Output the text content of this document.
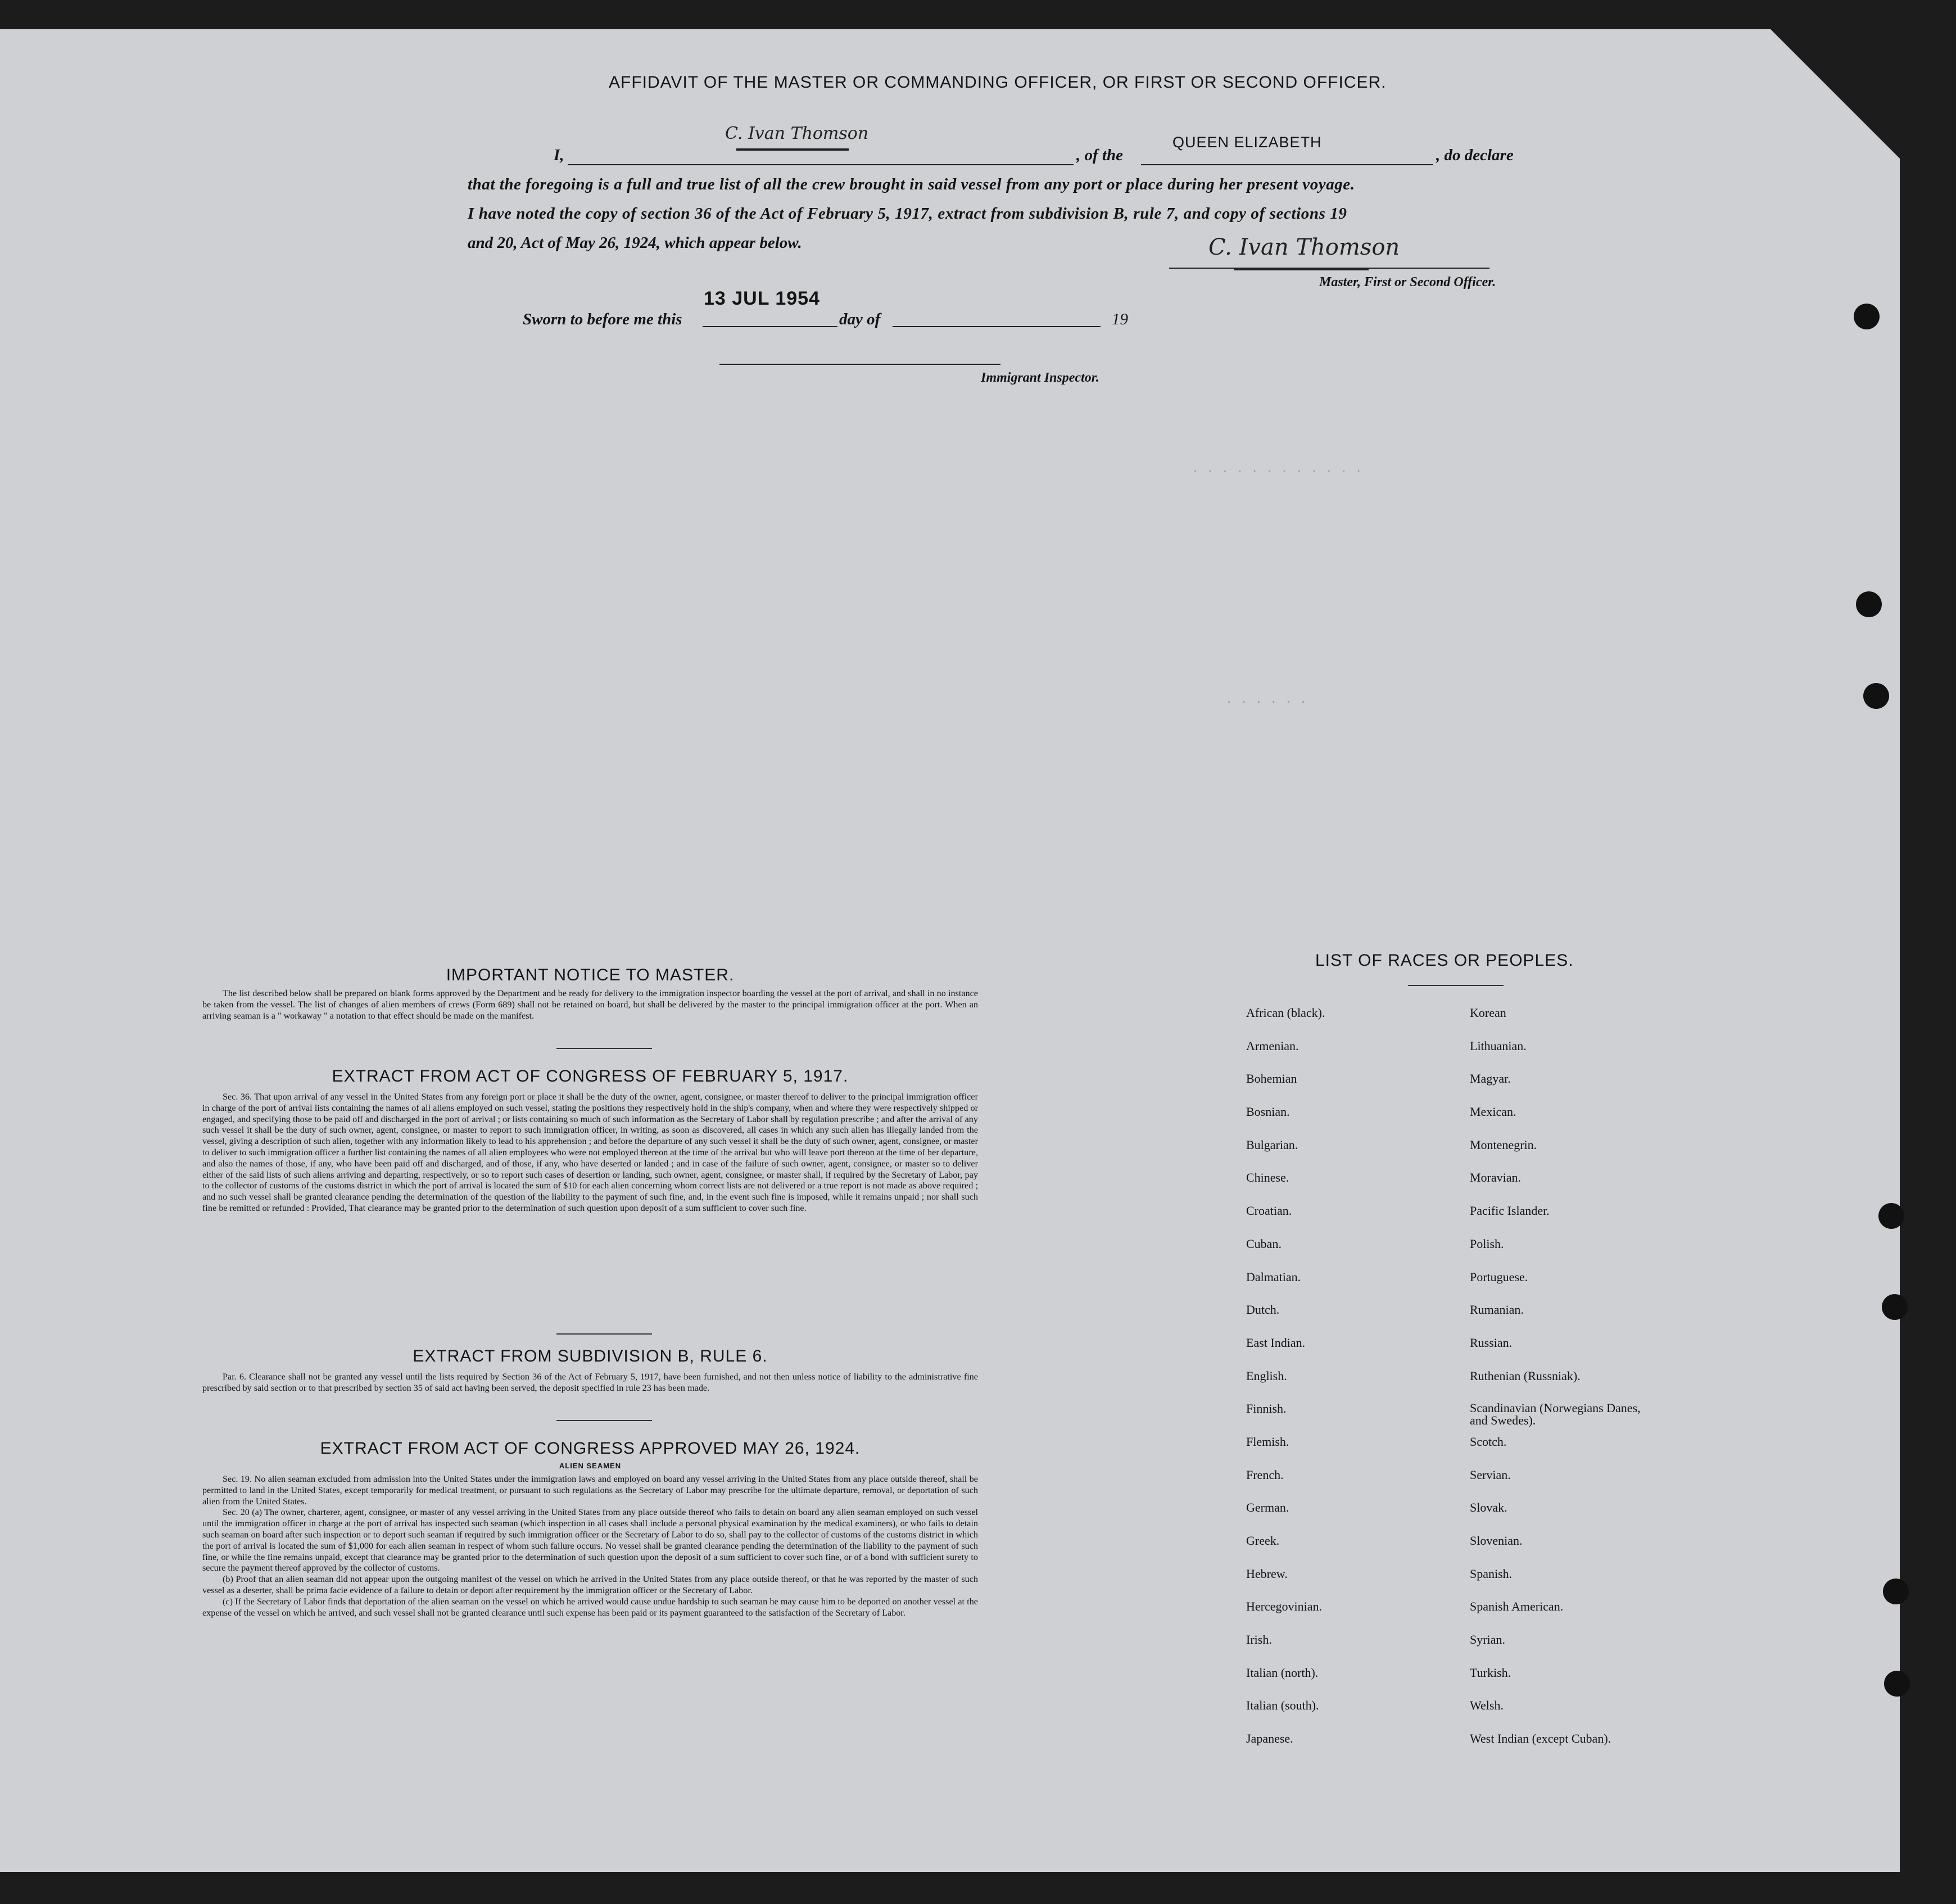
. . . . . . . . . . . .
. . . . . .
AFFIDAVIT OF THE MASTER OR COMMANDING OFFICER, OR FIRST OR SECOND OFFICER.
I,
C. Ivan Thomson
, of the
QUEEN ELIZABETH
, do declare
that the foregoing is a full and true list of all the crew brought in said vessel from any port or place during her present voyage.
I have noted the copy of section 36 of the Act of February 5, 1917, extract from subdivision B, rule 7, and copy of sections 19
and 20, Act of May 26, 1924, which appear below.	C. Ivan Thomson
Master, First or Second Officer.
13 JUL 1954
Sworn to before me this	day of	19
Immigrant Inspector.
IMPORTANT NOTICE TO MASTER.

The list described below shall be prepared on blank forms approved by the Department and be ready for delivery to the immigration inspector boarding the vessel at the port of arrival, and shall in no instance be taken from the vessel. The list of changes of alien members of crews (Form 689) shall not be retained on board, but shall be delivered by the master to the principal immigration officer at the port. When an arriving seaman is a " workaway " a notation to that effect should be made on the manifest.

EXTRACT FROM ACT OF CONGRESS OF FEBRUARY 5, 1917.

Sec. 36. That upon arrival of any vessel in the United States from any foreign port or place it shall be the duty of the owner, agent, consignee, or master thereof to deliver to the principal immigration officer in charge of the port of arrival lists containing the names of all aliens employed on such vessel, stating the positions they respectively hold in the ship's company, when and where they were respectively shipped or engaged, and specifying those to be paid off and discharged in the port of arrival ; or lists containing so much of such information as the Secretary of Labor shall by regulation prescribe ; and after the arrival of any such vessel it shall be the duty of such owner, agent, consignee, or master to report to such immigration officer, in writing, as soon as discovered, all cases in which any such alien has illegally landed from the vessel, giving a description of such alien, together with any information likely to lead to his apprehension ; and before the departure of any such vessel it shall be the duty of such owner, agent, consignee, or master to deliver to such immigration officer a further list containing the names of all alien employees who were not employed thereon at the time of the arrival but who will leave port thereon at the time of her departure, and also the names of those, if any, who have been paid off and discharged, and of those, if any, who have deserted or landed ; and in case of the failure of such owner, agent, consignee, or master so to deliver either of the said lists of such aliens arriving and departing, respectively, or so to report such cases of desertion or landing, such owner, agent, consignee, or master shall, if required by the Secretary of Labor, pay to the collector of customs of the customs district in which the port of arrival is located the sum of $10 for each alien concerning whom correct lists are not delivered or a true report is not made as above required ; and no such vessel shall be granted clearance pending the determination of the question of the liability to the payment of such fine, and, in the event such fine is imposed, while it remains unpaid ; nor shall such fine be remitted or refunded : Provided, That clearance may be granted prior to the determination of such question upon deposit of a sum sufficient to cover such fine.

EXTRACT FROM SUBDIVISION B, RULE 6.

Par. 6. Clearance shall not be granted any vessel until the lists required by Section 36 of the Act of February 5, 1917, have been furnished, and not then unless notice of liability to the administrative fine prescribed by said section or to that prescribed by section 35 of said act having been served, the deposit specified in rule 23 has been made.

EXTRACT FROM ACT OF CONGRESS APPROVED MAY 26, 1924.
ALIEN SEAMEN

Sec. 19. No alien seaman excluded from admission into the United States under the immigration laws and employed on board any vessel arriving in the United States from any place outside thereof, shall be permitted to land in the United States, except temporarily for medical treatment, or pursuant to such regulations as the Secretary of Labor may prescribe for the ultimate departure, removal, or deportation of such alien from the United States.

Sec. 20 (a) The owner, charterer, agent, consignee, or master of any vessel arriving in the United States from any place outside thereof who fails to detain on board any alien seaman employed on such vessel until the immigration officer in charge at the port of arrival has inspected such seaman (which inspection in all cases shall include a personal physical examination by the medical examiners), or who fails to detain such seaman on board after such inspection or to deport such seaman if required by such immigration officer or the Secretary of Labor to do so, shall pay to the collector of customs of the customs district in which the port of arrival is located the sum of $1,000 for each alien seaman in respect of whom such failure occurs. No vessel shall be granted clearance pending the determination of the liability to the payment of such fine, or while the fine remains unpaid, except that clearance may be granted prior to the determination of such question upon the deposit of a sum sufficient to cover such fine, or of a bond with sufficient surety to secure the payment thereof approved by the collector of customs.

(b) Proof that an alien seaman did not appear upon the outgoing manifest of the vessel on which he arrived in the United States from any place outside thereof, or that he was reported by the master of such vessel as a deserter, shall be prima facie evidence of a failure to detain or deport after requirement by the immigration officer or the Secretary of Labor.

(c) If the Secretary of Labor finds that deportation of the alien seaman on the vessel on which he arrived would cause undue hardship to such seaman he may cause him to be deported on another vessel at the expense of the vessel on which he arrived, and such vessel shall not be granted clearance until such expense has been paid or its payment guaranteed to the satisfaction of the Secretary of Labor.

LIST OF RACES OR PEOPLES.
African (black).
Armenian.
Bohemian
Bosnian.
Bulgarian.
Chinese.
Croatian.
Cuban.
Dalmatian.
Dutch.
East Indian.
English.
Finnish.
Flemish.
French.
German.
Greek.
Hebrew.
Hercegovinian.
Irish.
Italian (north).
Italian (south).
Japanese.
Korean
Lithuanian.
Magyar.
Mexican.
Montenegrin.
Moravian.
Pacific Islander.
Polish.
Portuguese.
Rumanian.
Russian.
Ruthenian (Russniak).
Scandinavian (Norwegians Danes, and Swedes).
Scotch.
Servian.
Slovak.
Slovenian.
Spanish.
Spanish American.
Syrian.
Turkish.
Welsh.
West Indian (except Cuban).
